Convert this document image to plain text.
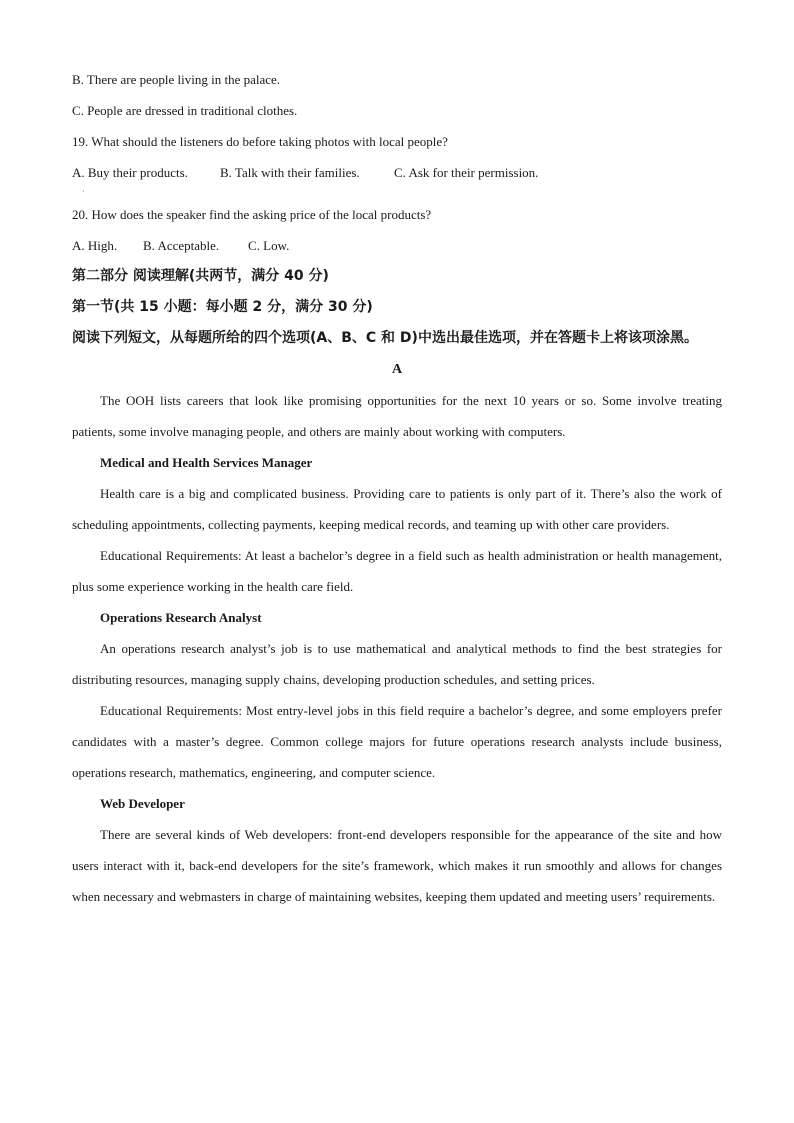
B. There are people living in the palace.
C. People are dressed in traditional clothes.
19. What should the listeners do before taking photos with local people?
A. Buy their products. B. Talk with their families.	C. Ask for their permission.
·
20. How does the speaker find the asking price of the local products?
A. High. B. Acceptable. C. Low.
第二部分 阅读理解(共两节，满分 40 分)
第一节(共 15 小题：每小题 2 分，满分 30 分)
阅读下列短文，从每题所给的四个选项(A、B、C 和 D)中选出最佳选项，并在答题卡上将该项涂黑。
A
The OOH lists careers that look like promising opportunities for the next 10 years or so. Some involve treating patients, some involve managing people, and others are mainly about working with computers.
Medical and Health Services Manager
Health care is a big and complicated business. Providing care to patients is only part of it. There’s also the work of scheduling appointments, collecting payments, keeping medical records, and teaming up with other care providers.
Educational Requirements: At least a bachelor’s degree in a field such as health administration or health management, plus some experience working in the health care field.
Operations Research Analyst
An operations research analyst’s job is to use mathematical and analytical methods to find the best strategies for distributing resources, managing supply chains, developing production schedules, and setting prices.
Educational Requirements: Most entry-level jobs in this field require a bachelor’s degree, and some employers prefer candidates with a master’s degree. Common college majors for future operations research analysts include business, operations research, mathematics, engineering, and computer science.
Web Developer
There are several kinds of Web developers: front-end developers responsible for the appearance of the site and how users interact with it, back-end developers for the site’s framework, which makes it run smoothly and allows for changes when necessary and webmasters in charge of maintaining websites, keeping them updated and meeting users’ requirements.
